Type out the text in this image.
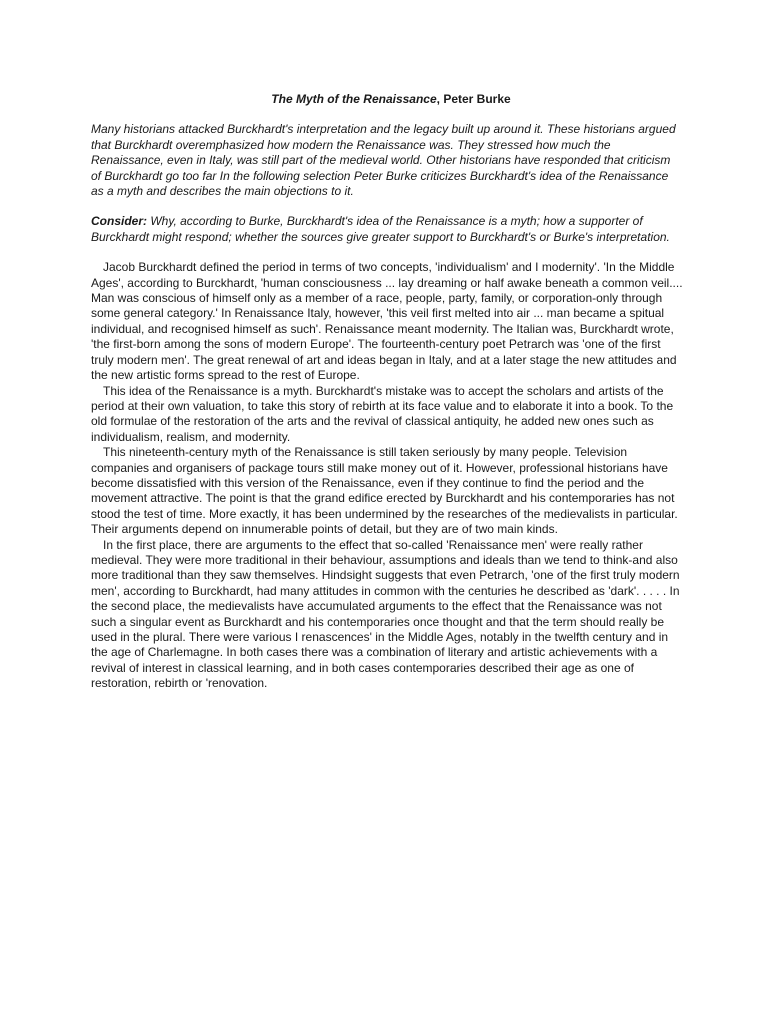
The Myth of the Renaissance, Peter Burke

Many historians attacked Burckhardt's interpretation and the legacy built up around it. These historians argued that Burckhardt overemphasized how modern the Renaissance was. They stressed how much the Renaissance, even in Italy, was still part of the medieval world. Other historians have responded that criticism of Burckhardt go too far In the following selection Peter Burke criticizes Burckhardt's idea of the Renaissance as a myth and describes the main objections to it.

Consider: Why, according to Burke, Burckhardt's idea of the Renaissance is a myth; how a supporter of Burckhardt might respond; whether the sources give greater support to Burckhardt's or Burke's interpretation.

Jacob Burckhardt defined the period in terms of two concepts, 'individualism' and I modernity'. 'In the Middle Ages', according to Burckhardt, 'human consciousness ... lay dreaming or half awake beneath a common veil.... Man was conscious of himself only as a member of a race, people, party, family, or corporation-only through some general category.' In Renaissance Italy, however, 'this veil first melted into air ... man became a spitual individual, and recognised himself as such'. Renaissance meant modernity. The Italian was, Burckhardt wrote, 'the first-born among the sons of modern Europe'. The fourteenth-century poet Petrarch was 'one of the first truly modern men'. The great renewal of art and ideas began in Italy, and at a later stage the new attitudes and the new artistic forms spread to the rest of Europe.

This idea of the Renaissance is a myth. Burckhardt's mistake was to accept the scholars and artists of the period at their own valuation, to take this story of rebirth at its face value and to elaborate it into a book. To the old formulae of the restoration of the arts and the revival of classical antiquity, he added new ones such as individualism, realism, and modernity.

This nineteenth-century myth of the Renaissance is still taken seriously by many people. Television companies and organisers of package tours still make money out of it. However, professional historians have become dissatisfied with this version of the Renaissance, even if they continue to find the period and the movement attractive. The point is that the grand edifice erected by Burckhardt and his contemporaries has not stood the test of time. More exactly, it has been undermined by the researches of the medievalists in particular. Their arguments depend on innumerable points of detail, but they are of two main kinds.

In the first place, there are arguments to the effect that so-called 'Renaissance men' were really rather medieval. They were more traditional in their behaviour, assumptions and ideals than we tend to think-and also more traditional than they saw themselves. Hindsight suggests that even Petrarch, 'one of the first truly modern men', according to Burckhardt, had many attitudes in common with the centuries he described as 'dark'. . . . . In the second place, the medievalists have accumulated arguments to the effect that the Renaissance was not such a singular event as Burckhardt and his contemporaries once thought and that the term should really be used in the plural. There were various I renascences' in the Middle Ages, notably in the twelfth century and in the age of Charlemagne. In both cases there was a combination of literary and artistic achievements with a revival of interest in classical learning, and in both cases contemporaries described their age as one of restoration, rebirth or 'renovation.
